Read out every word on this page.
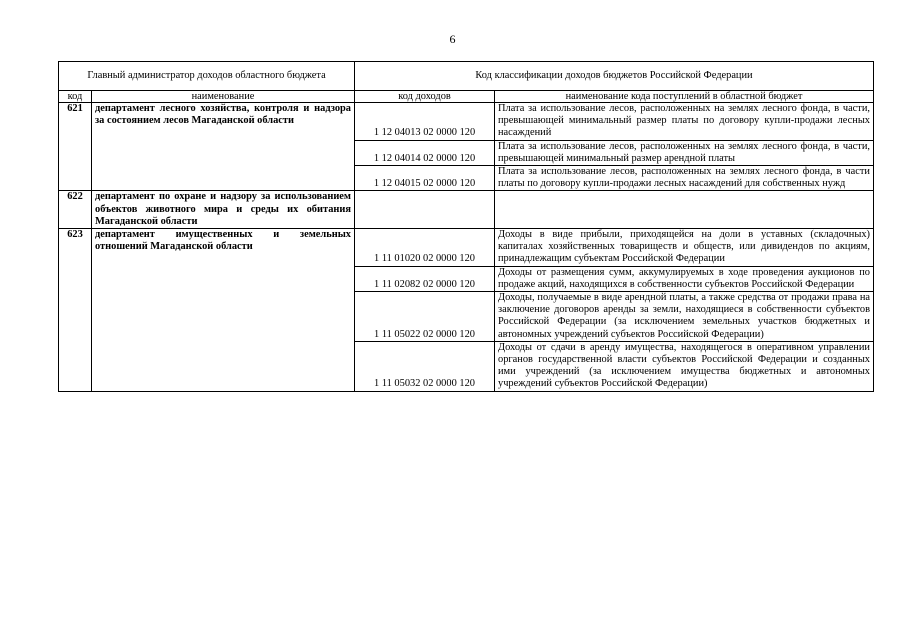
6
Главный администратор доходов областного бюджета		Код классификации доходов бюджетов Российской Федерации	
код	наименование	код доходов	наименование кода поступлений в областной бюджет
621	департамент лесного хозяйства, контроля и надзора за состоянием лесов Магаданской области	1 12 04013 02 0000 120	Плата за использование лесов, расположенных на землях лесного фонда, в части, превышающей минимальный размер платы по договору купли-продажи лесных насаждений
		1 12 04014 02 0000 120	Плата за использование лесов, расположенных на землях лесного фонда, в части, превышающей минимальный размер арендной платы
		1 12 04015 02 0000 120	Плата за использование лесов, расположенных на землях лесного фонда, в части платы по договору купли-продажи лесных насаждений для собственных нужд
622	департамент по охране и надзору за использованием объектов животного мира и среды их обитания Магаданской области		
623	департамент имущественных и земельных отношений Магаданской области	1 11 01020 02 0000 120	Доходы в виде прибыли, приходящейся на доли в уставных (складочных) капиталах хозяйственных товариществ и обществ, или дивидендов по акциям, принадлежащим субъектам Российской Федерации
		1 11 02082 02 0000 120	Доходы от размещения сумм, аккумулируемых в ходе проведения аукционов по продаже акций, находящихся в собственности субъектов Российской Федерации
		1 11 05022 02 0000 120	Доходы, получаемые в виде арендной платы, а также средства от продажи права на заключение договоров аренды за земли, находящиеся в собственности субъектов Российской Федерации (за исключением земельных участков бюджетных и автономных учреждений субъектов Российской Федерации)
		1 11 05032 02 0000 120	Доходы от сдачи в аренду имущества, находящегося в оперативном управлении органов государственной власти субъектов Российской Федерации и созданных ими учреждений (за исключением имущества бюджетных и автономных учреждений субъектов Российской Федерации)
